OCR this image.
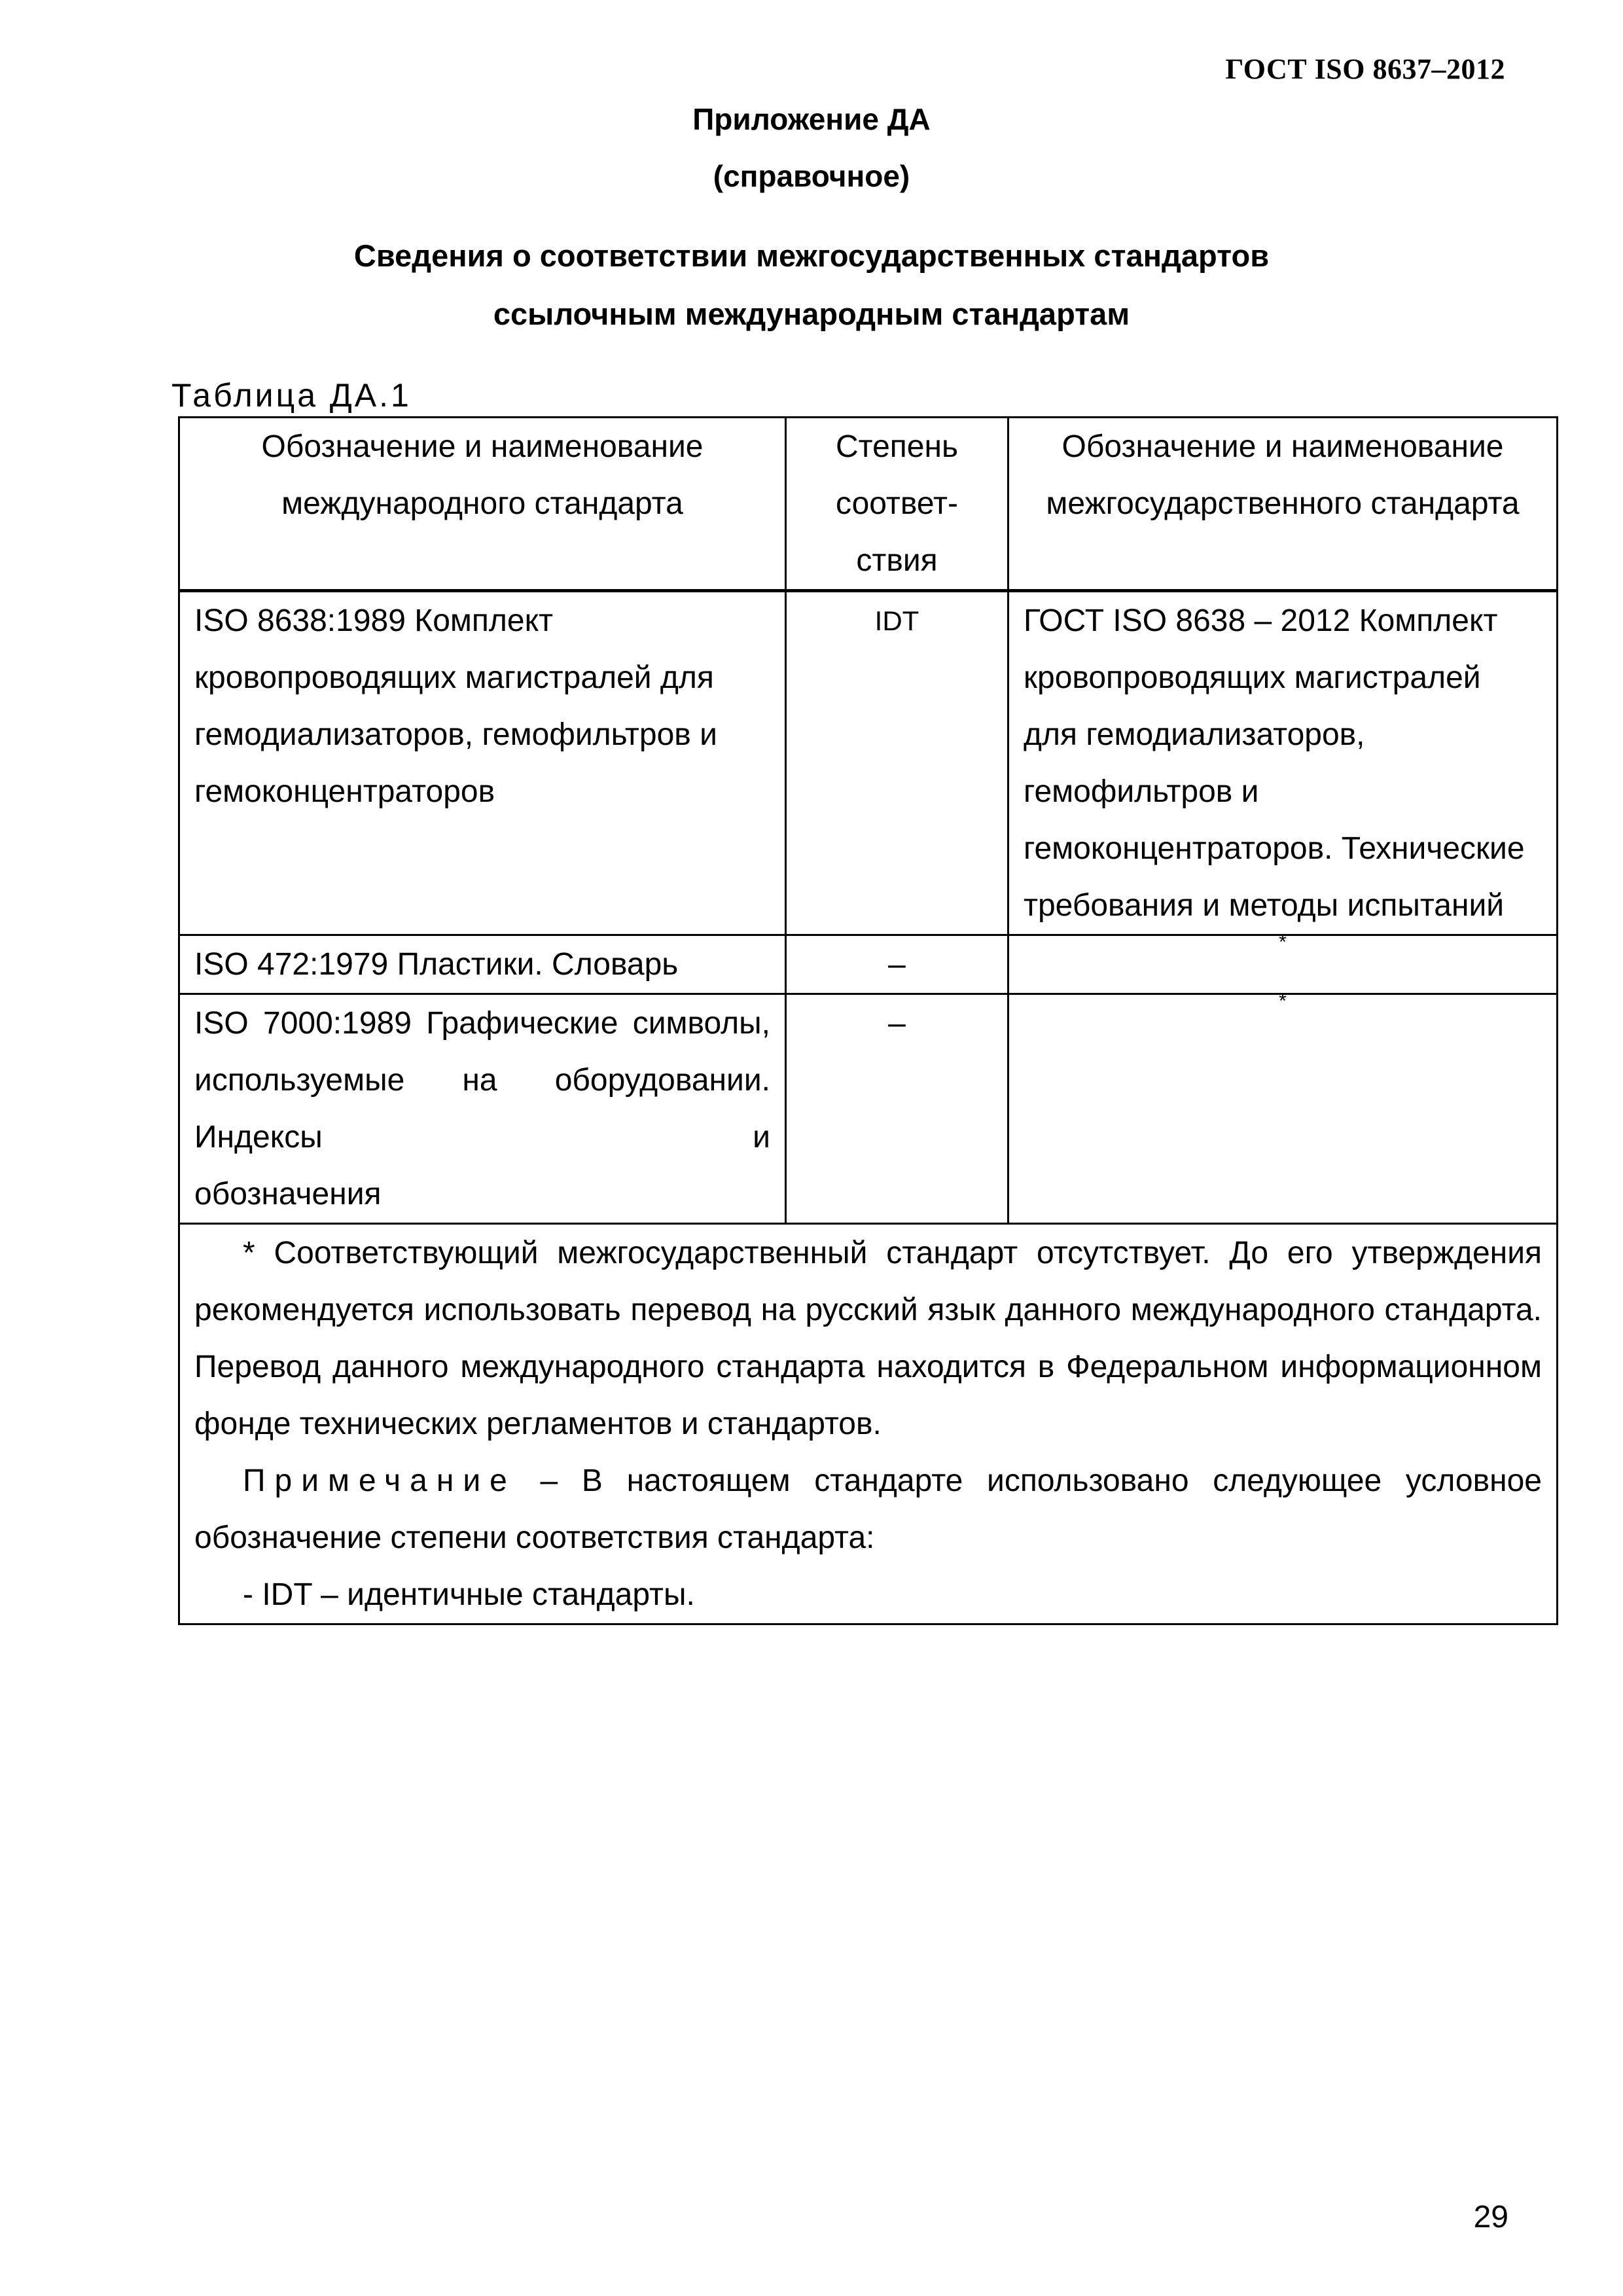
ГОСТ ISO 8637–2012
Приложение ДА
(справочное)
Сведения о соответствии межгосударственных стандартов
ссылочным международным стандартам
Таблица ДА.1
Обозначение и наименование международного стандарта	Степень
соответ-
ствия	Обозначение и наименование межгосударственного стандарта
ISO 8638:1989 Комплект кровопроводящих магистралей для гемодиализаторов, гемофильтров и гемоконцентраторов	IDT	ГОСТ ISO 8638 – 2012 Комплект кровопроводящих магистралей для гемодиализаторов, гемофильтров и гемоконцентраторов. Технические требования и методы испытаний
ISO 472:1979 Пластики. Словарь	–	*

ISO 7000:1989 Графические символы, используемые на оборудовании. Индексы и
обозначения	–	*

* Соответствующий межгосударственный стандарт отсутствует. До его утверждения рекомендуется использовать перевод на русский язык данного международного стандарта. Перевод данного международного стандарта находится в Федеральном информационном фонде технических регламентов и стандартов.

Примечание – В настоящем стандарте использовано следующее условное обозначение степени соответствия стандарта:

- IDT – идентичные стандарты.		

29
